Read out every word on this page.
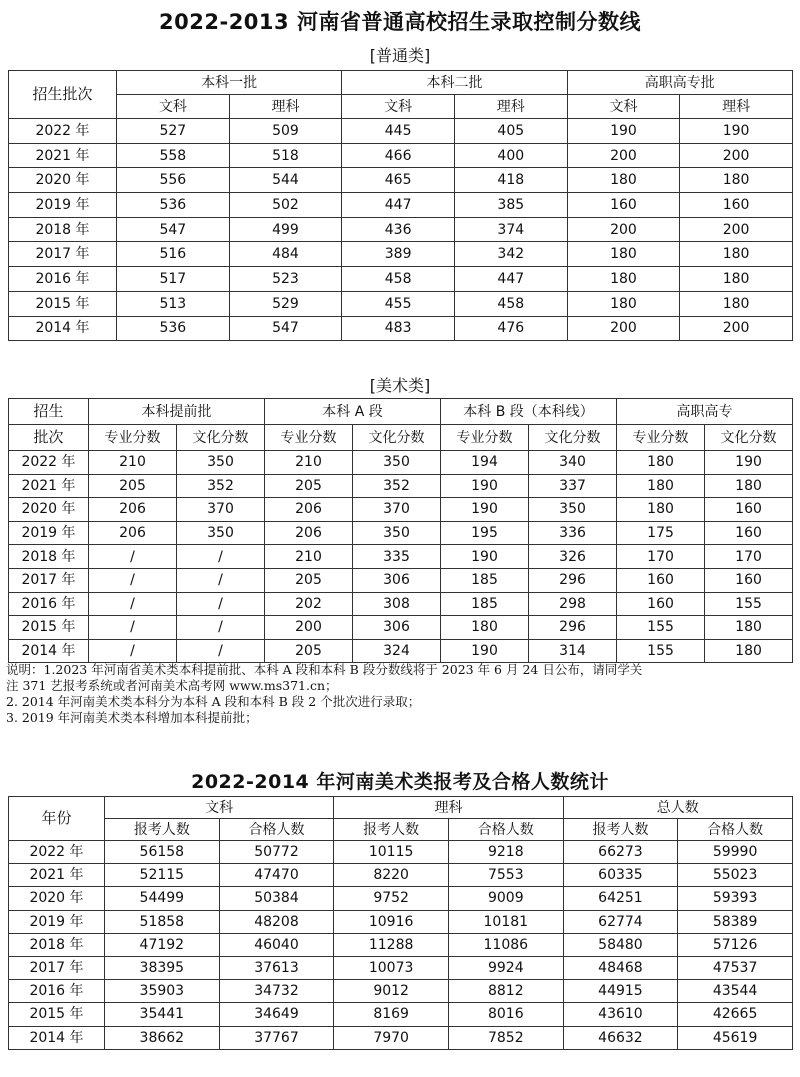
2022-2013 河南省普通高校招生录取控制分数线
[普通类]
招生批次	本科一批		本科二批		高职高专批	
	文科	理科	文科	理科	文科	理科
2022 年	527	509	445	405	190	190
2021 年	558	518	466	400	200	200
2020 年	556	544	465	418	180	180
2019 年	536	502	447	385	160	160
2018 年	547	499	436	374	200	200
2017 年	516	484	389	342	180	180
2016 年	517	523	458	447	180	180
2015 年	513	529	455	458	180	180
2014 年	536	547	483	476	200	200
[美术类]
招生	本科提前批		本科 A 段		本科 B 段（本科线）		高职高专	
批次	专业分数	文化分数	专业分数	文化分数	专业分数	文化分数	专业分数	文化分数
2022 年	210	350	210	350	194	340	180	190
2021 年	205	352	205	352	190	337	180	180
2020 年	206	370	206	370	190	350	180	160
2019 年	206	350	206	350	195	336	175	160
2018 年	/	/	210	335	190	326	170	170
2017 年	/	/	205	306	185	296	160	160
2016 年	/	/	202	308	185	298	160	155
2015 年	/	/	200	306	180	296	155	180
2014 年	/	/	205	324	190	314	155	180
说明：1.2023 年河南省美术类本科提前批、本科 A 段和本科 B 段分数线将于 2023 年 6 月 24 日公布，请同学关
注 371 艺报考系统或者河南美术高考网 www.ms371.cn；
2. 2014 年河南美术类本科分为本科 A 段和本科 B 段 2 个批次进行录取；
3. 2019 年河南美术类本科增加本科提前批；
2022-2014 年河南美术类报考及合格人数统计
年份	文科		理科		总人数	
	报考人数	合格人数	报考人数	合格人数	报考人数	合格人数
2022 年	56158	50772	10115	9218	66273	59990
2021 年	52115	47470	8220	7553	60335	55023
2020 年	54499	50384	9752	9009	64251	59393
2019 年	51858	48208	10916	10181	62774	58389
2018 年	47192	46040	11288	11086	58480	57126
2017 年	38395	37613	10073	9924	48468	47537
2016 年	35903	34732	9012	8812	44915	43544
2015 年	35441	34649	8169	8016	43610	42665
2014 年	38662	37767	7970	7852	46632	45619
